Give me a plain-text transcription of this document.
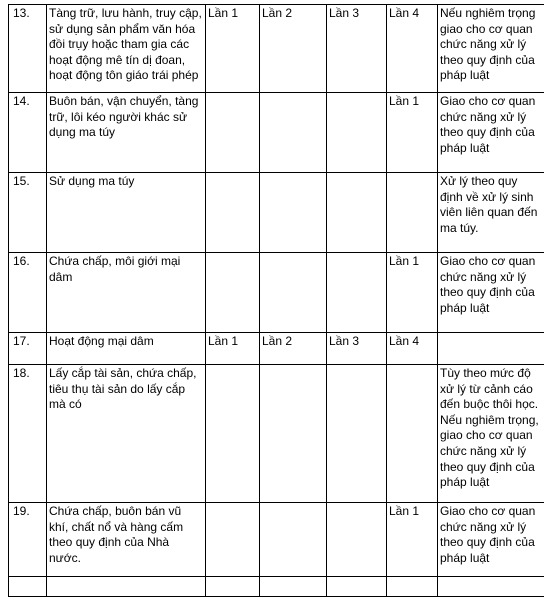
13.	Tàng trữ, lưu hành, truy cập, sử dụng sản phẩm văn hóa đồi trụy hoặc tham gia các hoạt động mê tín dị đoan, hoạt động tôn giáo trái phép	Lần 1	Lần 2	Lần 3	Lần 4	Nếu nghiêm trọng giao cho cơ quan chức năng xử lý theo quy định của pháp luật
14.	Buôn bán, vận chuyển, tàng trữ, lôi kéo người khác sử dụng ma túy				Lần 1	Giao cho cơ quan chức năng xử lý theo quy định của pháp luật
15.	Sử dụng ma túy					Xử lý theo quy định về xử lý sinh viên liên quan đến ma túy.
16.	Chứa chấp, môi giới mại dâm				Lần 1	Giao cho cơ quan chức năng xử lý theo quy định của pháp luật
17.	Hoạt động mại dâm	Lần 1	Lần 2	Lần 3	Lần 4	
18.	Lấy cắp tài sản, chứa chấp, tiêu thụ tài sản do lấy cắp mà có					Tùy theo mức độ xử lý từ cảnh cáo đến buộc thôi học. Nếu nghiêm trọng, giao cho cơ quan chức năng xử lý theo quy định của pháp luật
19.	Chứa chấp, buôn bán vũ khí, chất nổ và hàng cấm theo quy định của Nhà nước.				Lần 1	Giao cho cơ quan chức năng xử lý theo quy định của pháp luật
